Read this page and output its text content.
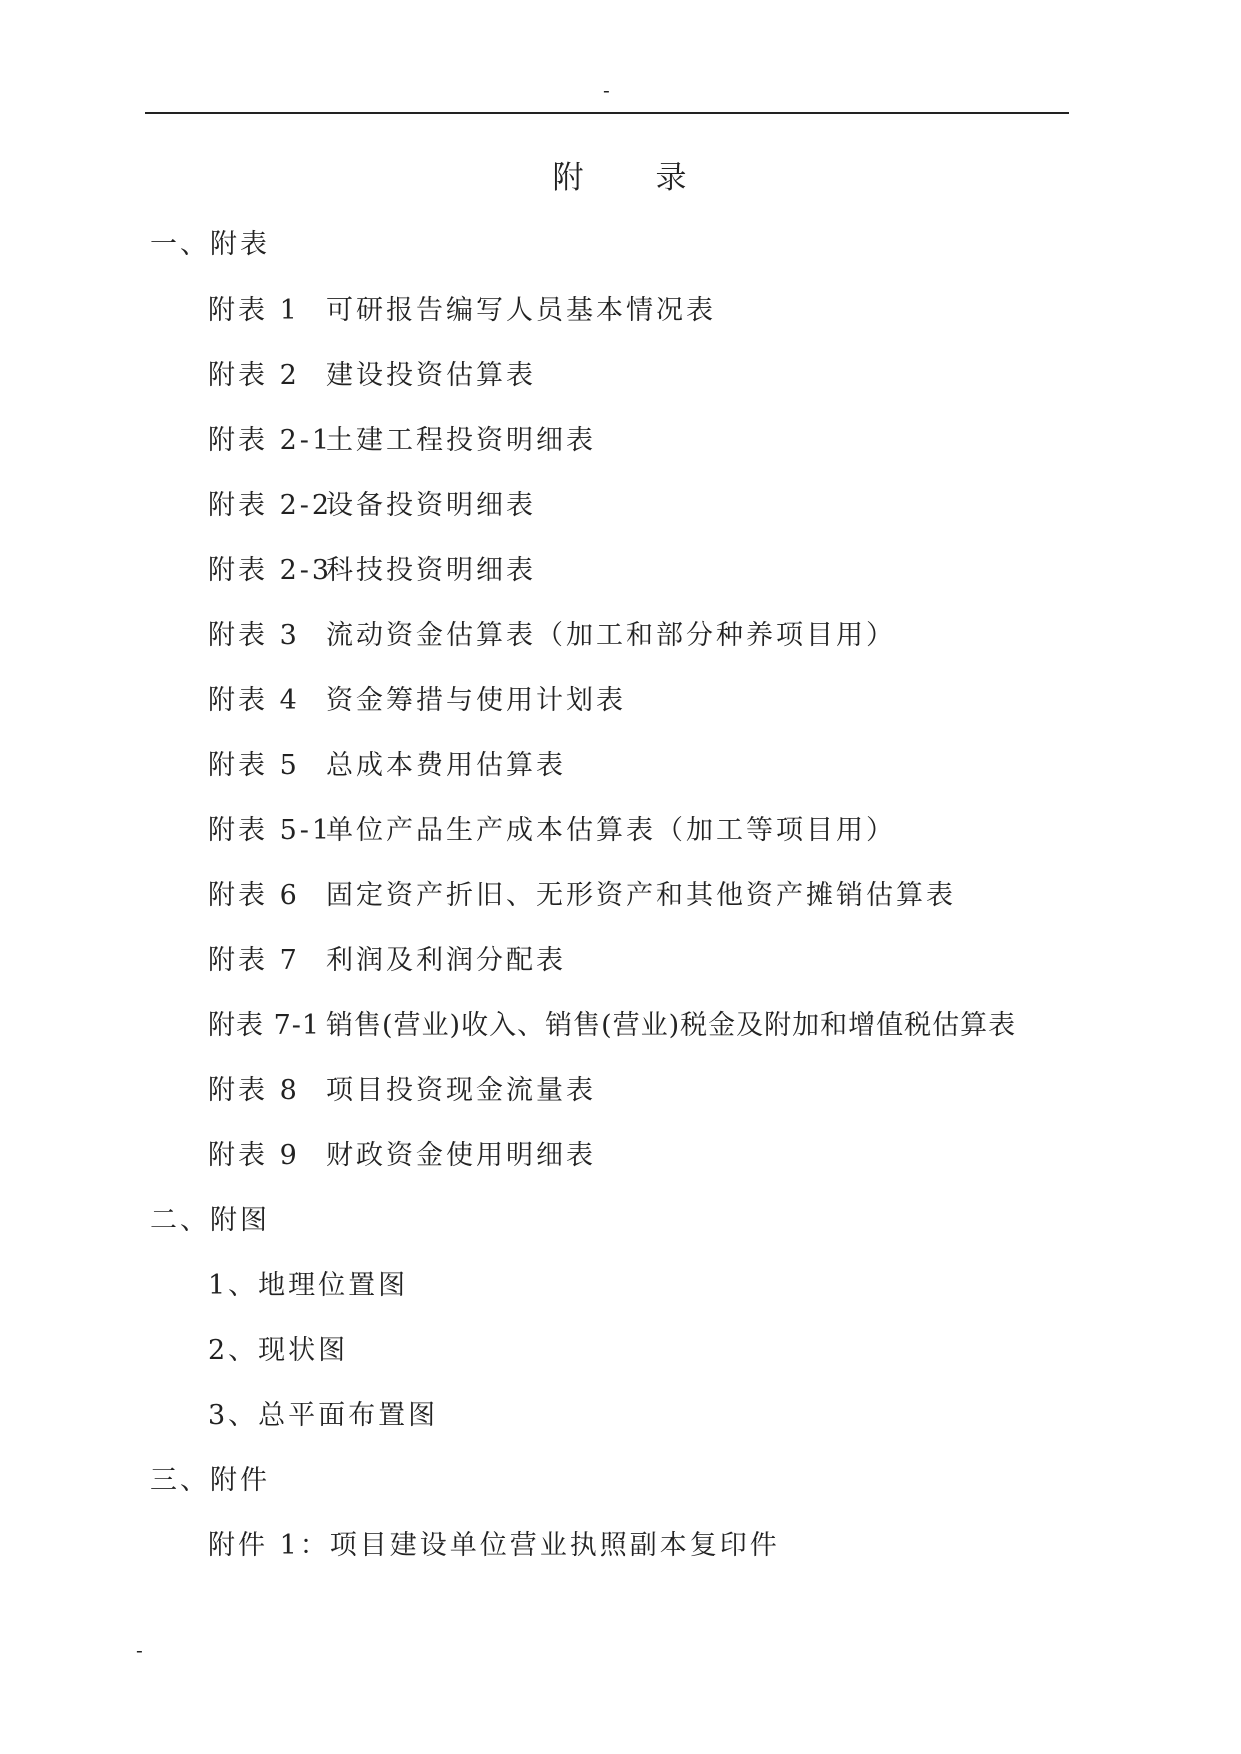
-
附 录
一、附表
附表 1 可研报告编写人员基本情况表
附表 2 建设投资估算表
附表 2-1土建工程投资明细表
附表 2-2设备投资明细表
附表 2-3科技投资明细表
附表 3 流动资金估算表（加工和部分种养项目用）
附表 4 资金筹措与使用计划表
附表 5 总成本费用估算表
附表 5-1单位产品生产成本估算表（加工等项目用）
附表 6 固定资产折旧、无形资产和其他资产摊销估算表
附表 7 利润及利润分配表
附表 7-1 销售(营业)收入、销售(营业)税金及附加和增值税估算表
附表 8 项目投资现金流量表
附表 9 财政资金使用明细表
二、附图
1、地理位置图
2、现状图
3、总平面布置图
三、附件
附件 1：项目建设单位营业执照副本复印件
-
